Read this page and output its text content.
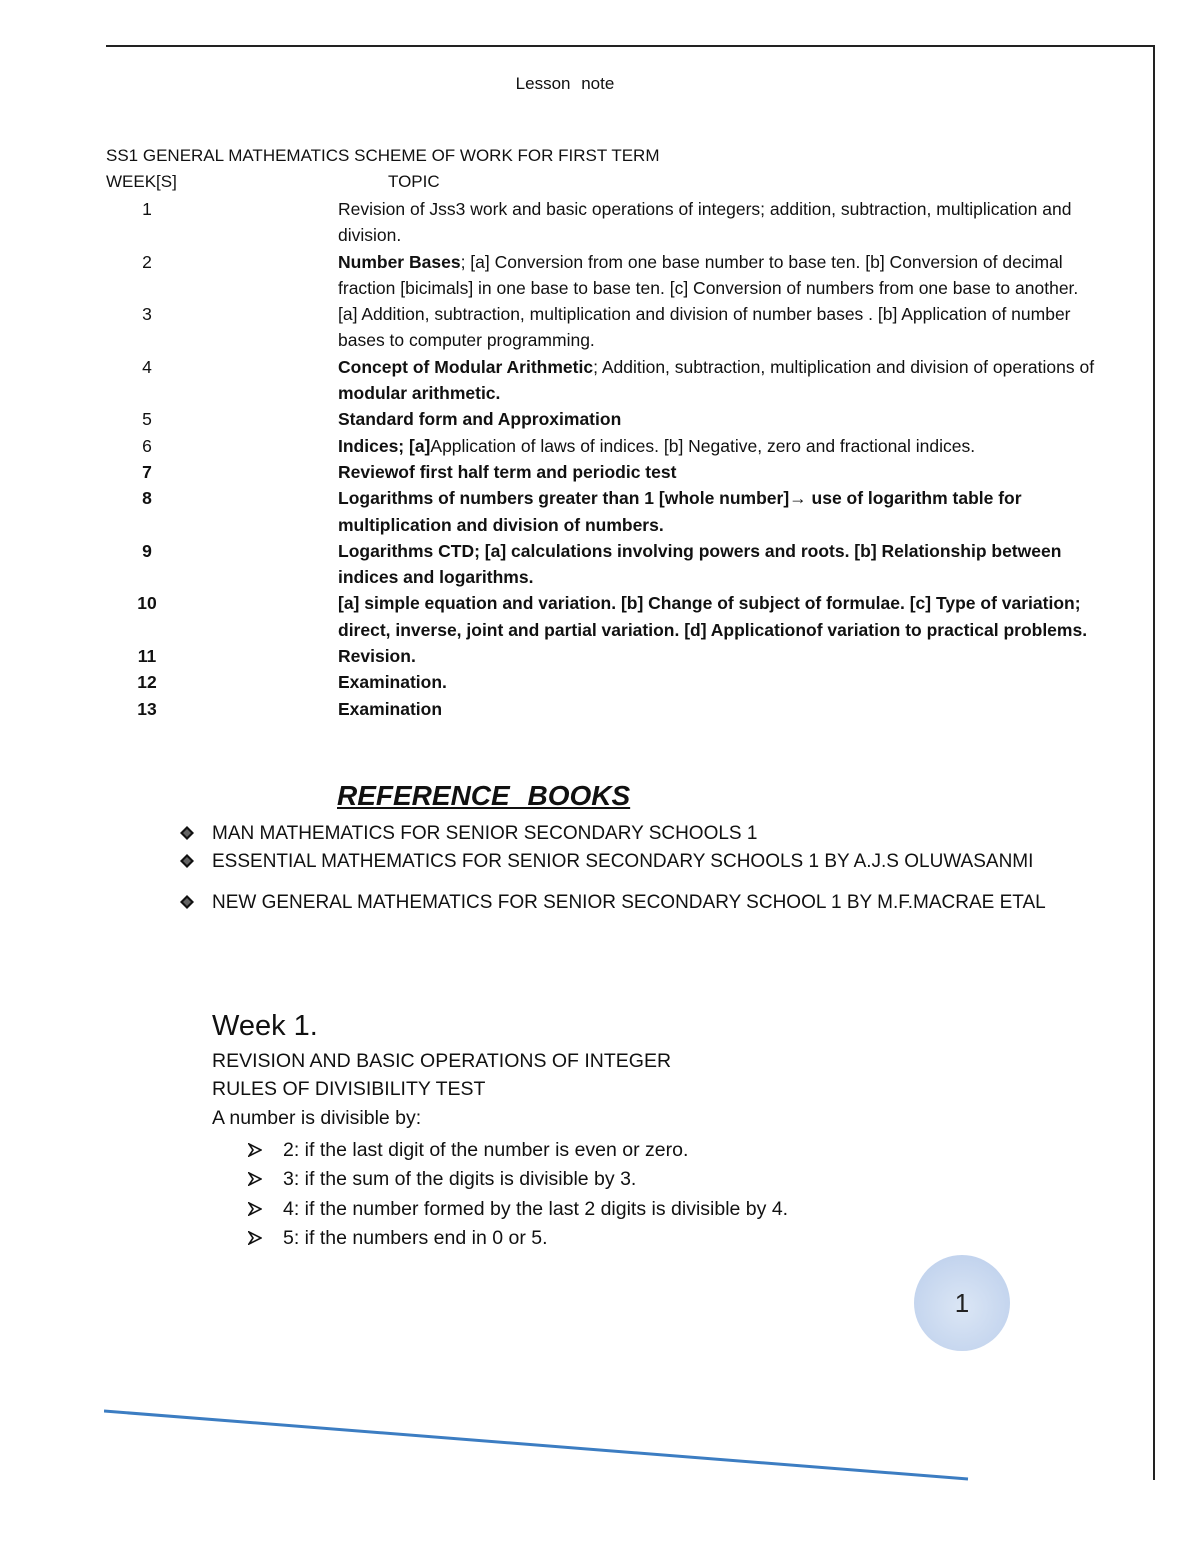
Lesson note
SS1 GENERAL MATHEMATICS SCHEME OF WORK FOR FIRST TERM
WEEK[S]	TOPIC
1	Revision of Jss3 work and basic operations of integers; addition, subtraction, multiplication and division.
2	Number Bases; [a] Conversion from one base number to base ten. [b] Conversion of decimal fraction [bicimals] in one base to base ten. [c] Conversion of numbers from one base to another.
3	[a] Addition, subtraction, multiplication and division of number bases . [b] Application of number bases to computer programming.
4	Concept of Modular Arithmetic; Addition, subtraction, multiplication and division of operations of modular arithmetic.
5	Standard form and Approximation
6	Indices; [a]Application of laws of indices. [b] Negative, zero and fractional indices.
7	Reviewof first half term and periodic test
8	Logarithms of numbers greater than 1 [whole number]→ use of logarithm table for multiplication and division of numbers.
9	Logarithms CTD; [a] calculations involving powers and roots. [b] Relationship between indices and logarithms.
10	[a] simple equation and variation. [b] Change of subject of formulae. [c] Type of variation; direct, inverse, joint and partial variation. [d] Applicationof variation to practical problems.
11	Revision.
12	Examination.
13	Examination
REFERENCE BOOKS
MAN MATHEMATICS FOR SENIOR SECONDARY SCHOOLS 1
ESSENTIAL MATHEMATICS FOR SENIOR SECONDARY SCHOOLS 1 BY A.J.S OLUWASANMI
NEW GENERAL MATHEMATICS FOR SENIOR SECONDARY SCHOOL 1 BY M.F.MACRAE ETAL
Week 1.
REVISION AND BASIC OPERATIONS OF INTEGER
RULES OF DIVISIBILITY TEST
A number is divisible by:
2: if the last digit of the number is even or zero.
3: if the sum of the digits is divisible by 3.
4: if the number formed by the last 2 digits is divisible by 4.
5: if the numbers end in 0 or 5.
1
